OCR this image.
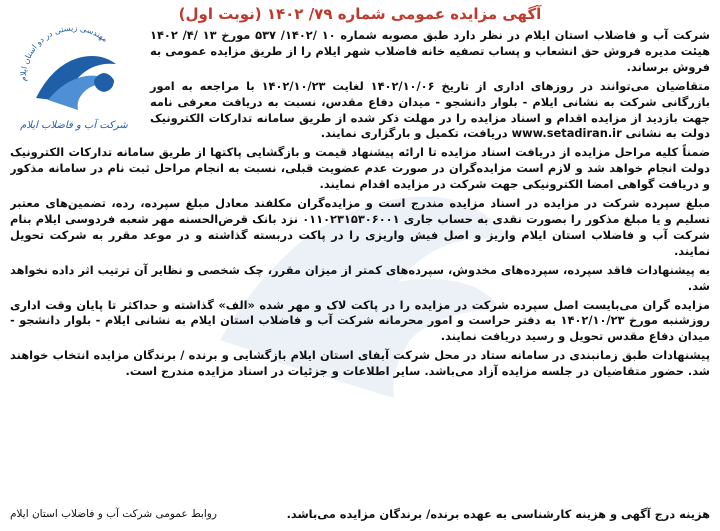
آگهی مزایده عمومی شماره ۷۹/ ۱۴۰۲ (نوبت اول)
مهندسی زیستی در دو استان ایلام
شرکت آب و فاضلاب ایلام

شرکت آب و فاضلاب استان ایلام در نظر دارد طبق مصوبه شماره ۱۰ /۱۴۰۲/ ۵۳۷ مورخ ۱۳ /۴/ ۱۴۰۲ هیئت مدیره فروش حق انشعاب و پساب تصفیه خانه فاضلاب شهر ایلام را از طریق مزایده عمومی به فروش برساند.

متقاضیان می‌توانند در روزهای اداری از تاریخ ۱۴۰۲/۱۰/۰۶ لغایت ۱۴۰۲/۱۰/۲۳ با مراجعه به امور بازرگانی شرکت به نشانی ایلام - بلوار دانشجو - میدان دفاع مقدس، نسبت به دریافت معرفی نامه جهت بازدید از مزایده اقدام و اسناد مزایده را در مهلت ذکر شده از طریق سامانه تدارکات الکترونیک دولت به نشانی www.setadiran.ir دریافت، تکمیل و بارگزاری نمایند.

ضمناً کلیه مراحل مزایده از دریافت اسناد مزایده تا ارائه پیشنهاد قیمت و بازگشایی پاکتها از طریق سامانه تدارکات الکترونیک دولت انجام خواهد شد و لازم است مزایده‌گران در صورت عدم عضویت قبلی، نسبت به انجام مراحل ثبت نام در سامانه مذکور و دریافت گواهی امضا الکترونیکی جهت شرکت در مزایده اقدام نمایند.

مبلغ سپرده شرکت در مزایده در اسناد مزایده مندرج است و مزایده‌گران مکلفند معادل مبلغ سپرده، رده، تضمین‌های معتبر تسلیم و یا مبلغ مذکور را بصورت نقدی به حساب جاری ۰۱۱۰۲۳۱۵۳۰۶۰۰۱ نزد بانک قرض‌الحسنه مهر شعبه فردوسی ایلام بنام شرکت آب و فاضلاب استان ایلام واریز و اصل فیش واریزی را در پاکت دربسته گذاشته و در موعد مقرر به شرکت تحویل نمایند.

به پیشنهادات فاقد سپرده، سپرده‌های مخدوش، سپرده‌های کمتر از میزان مقرر، چک شخصی و نظایر آن ترتیب اثر داده نخواهد شد.

مزایده گران می‌بایست اصل سپرده شرکت در مزایده را در پاکت لاک و مهر شده «الف» گذاشته و حداکثر تا پایان وقت اداری روزشنبه مورخ ۱۴۰۲/۱۰/۲۳ به دفتر حراست و امور محرمانه شرکت آب و فاضلاب استان ایلام به نشانی ایلام - بلوار دانشجو - میدان دفاع مقدس تحویل و رسید دریافت نمایند.

پیشنهادات طبق زمانبندی در سامانه ستاد در محل شرکت آبفای استان ایلام بازگشایی و برنده / برندگان مزایده انتخاب خواهند شد. حضور متقاضیان در جلسه مزایده آزاد می‌باشد. سایر اطلاعات و جزئیات در اسناد مزایده مندرج است.

هزینه درج آگهی و هزینه کارشناسی به عهده برنده/ برندگان مزایده می‌باشد.
روابط عمومی شرکت آب و فاضلاب استان ایلام
